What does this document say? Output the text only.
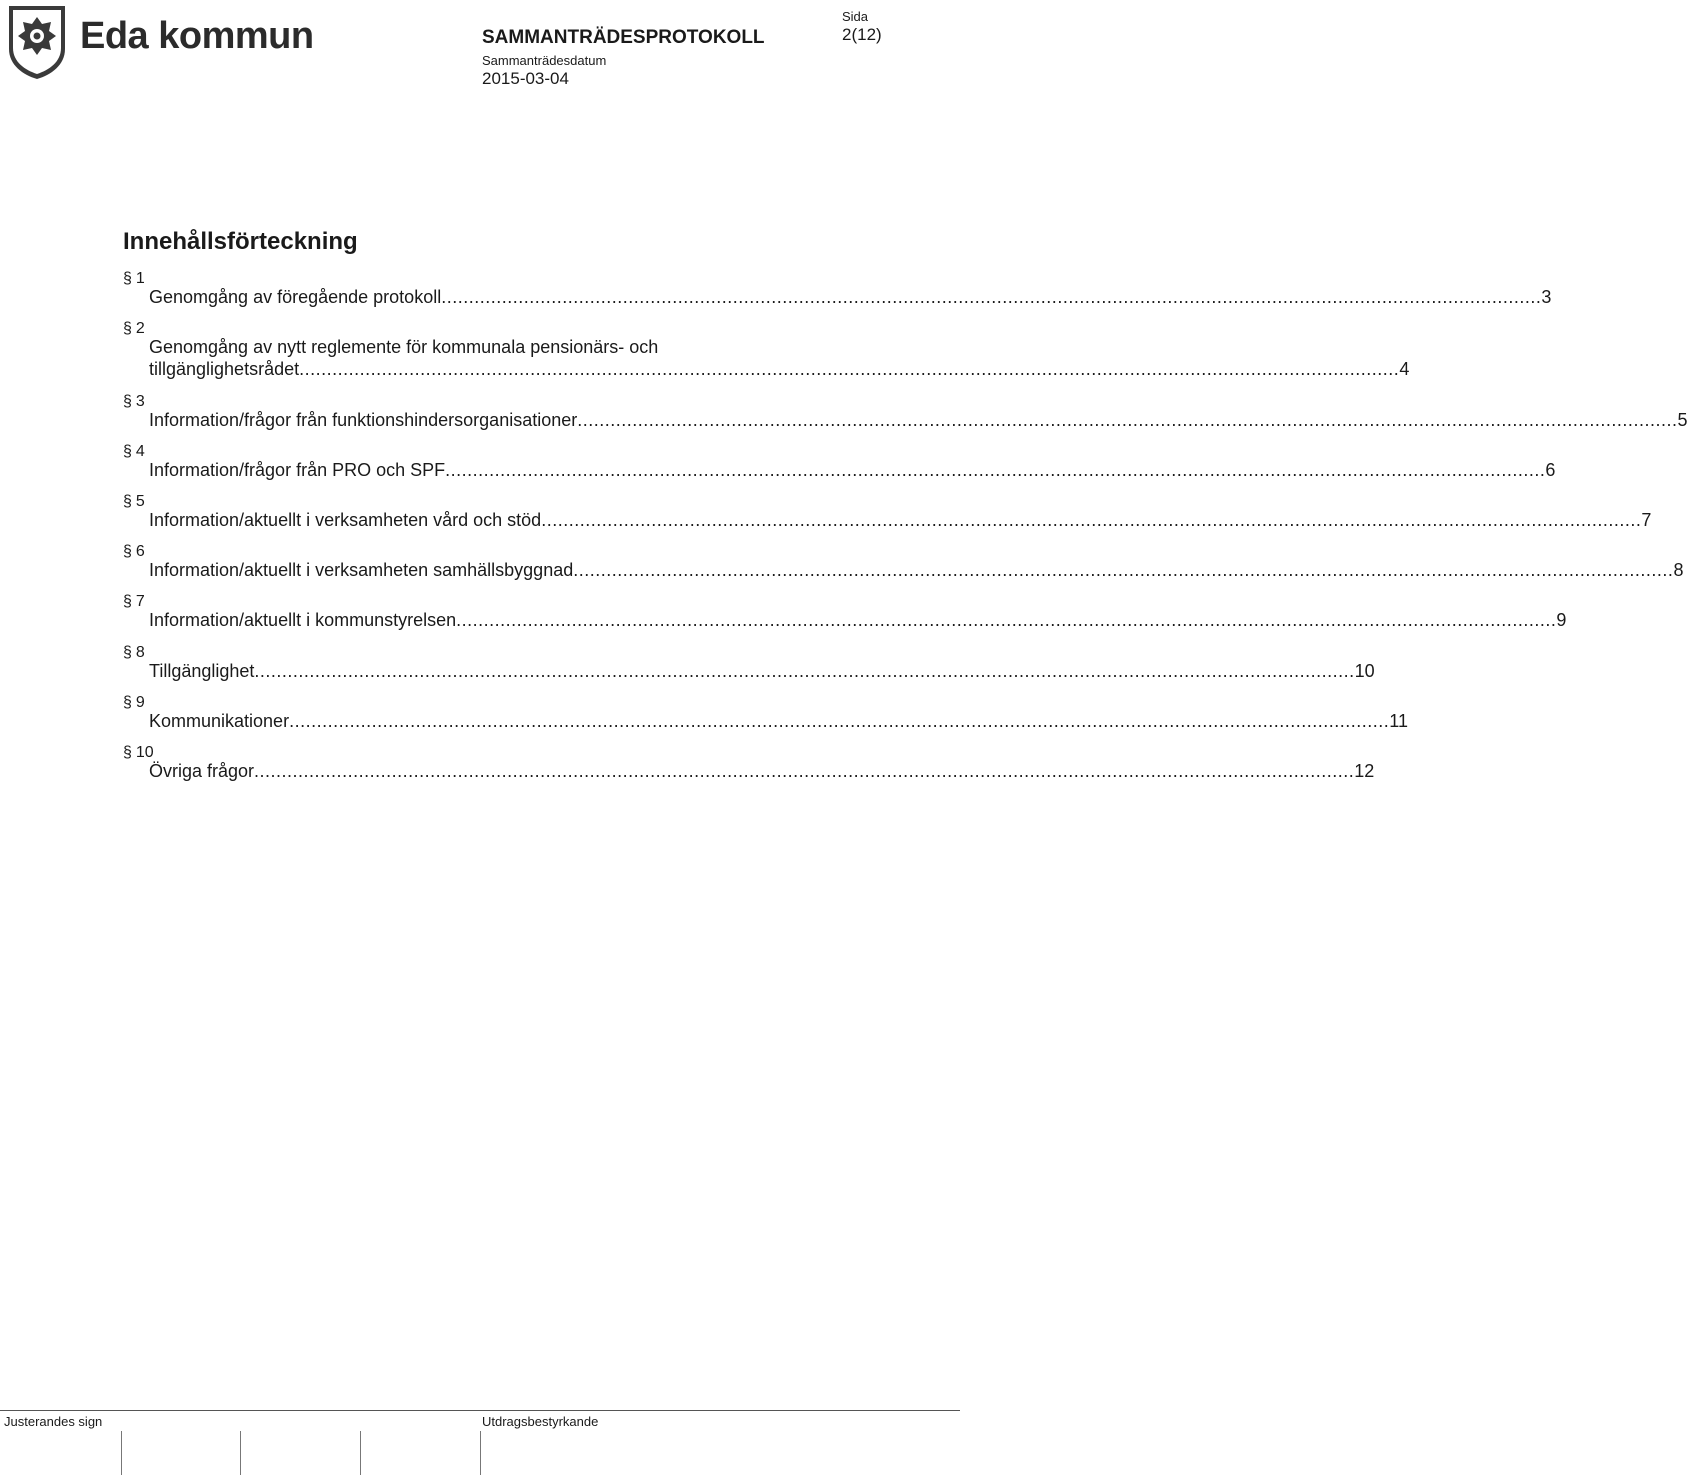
Eda kommun	SAMMANTRÄDESPROTOKOLL
Sammanträdesdatum
2015-03-04
Sida
2(12)
Innehållsförteckning
§ 1
Genomgång av föregående protokoll ........................................................................................................................................................................................................ 3
§ 2
Genomgång av nytt reglemente för kommunala pensionärs- och
tillgänglighetsrådet ........................................................................................................................................................................................................ 4
§ 3
Information/frågor från funktionshindersorganisationer ........................................................................................................................................................................................................ 5
§ 4
Information/frågor från PRO och SPF ........................................................................................................................................................................................................ 6
§ 5
Information/aktuellt i verksamheten vård och stöd ........................................................................................................................................................................................................ 7
§ 6
Information/aktuellt i verksamheten samhällsbyggnad ........................................................................................................................................................................................................ 8
§ 7
Information/aktuellt i kommunstyrelsen ........................................................................................................................................................................................................ 9
§ 8
Tillgänglighet ........................................................................................................................................................................................................ 10
§ 9
Kommunikationer ........................................................................................................................................................................................................ 11
§ 10
Övriga frågor ........................................................................................................................................................................................................ 12
Justerandes sign	Utdragsbestyrkande
